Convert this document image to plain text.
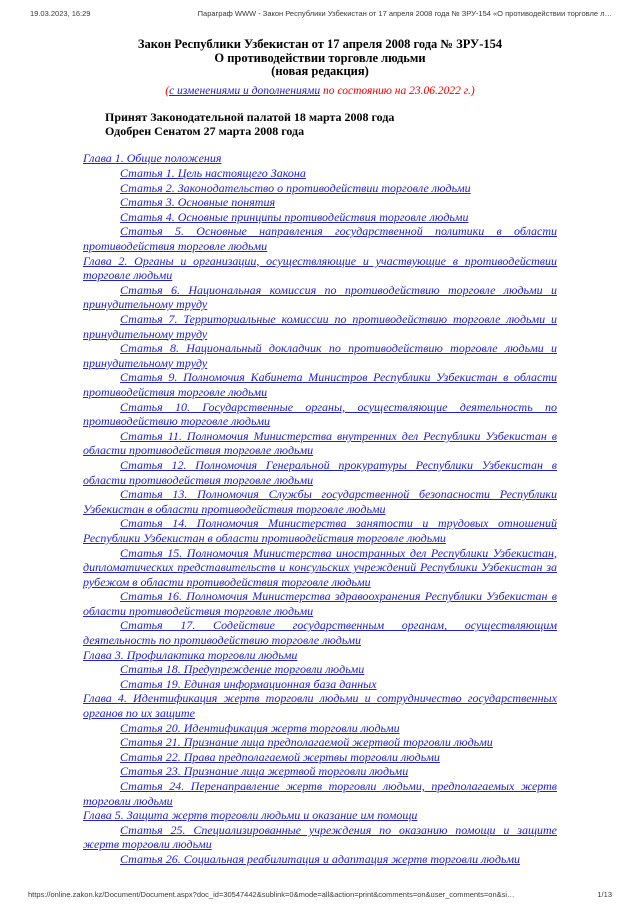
19.03.2023, 16:29	Параграф WWW - Закон Республики Узбекистан от 17 апреля 2008 года № ЗРУ-154 «О противодействии торговле л…

Закон Республики Узбекистан от 17 апреля 2008 года № ЗРУ-154

О противодействии торговле людьми

(новая редакция)

(с изменениями и дополнениями по состоянию на 23.06.2022 г.)

Принят Законодательной палатой 18 марта 2008 года

Одобрен Сенатом 27 марта 2008 года

Глава 1. Общие положения

Статья 1. Цель настоящего Закона

Статья 2. Законодательство о противодействии торговле людьми

Статья 3. Основные понятия

Статья 4. Основные принципы противодействия торговле людьми

Статья 5. Основные направления государственной политики в области противодействия торговле людьми

Глава 2. Органы и организации, осуществляющие и участвующие в противодействии торговле людьми

Статья 6. Национальная комиссия по противодействию торговле людьми и принудительному труду

Статья 7. Территориальные комиссии по противодействию торговле людьми и принудительному труду

Статья 8. Национальный докладчик по противодействию торговле людьми и принудительному труду

Статья 9. Полномочия Кабинета Министров Республики Узбекистан в области противодействия торговле людьми

Статья 10. Государственные органы, осуществляющие деятельность по противодействию торговле людьми

Статья 11. Полномочия Министерства внутренних дел Республики Узбекистан в области противодействия торговле людьми

Статья 12. Полномочия Генеральной прокуратуры Республики Узбекистан в области противодействия торговле людьми

Статья 13. Полномочия Службы государственной безопасности Республики Узбекистан в области противодействия торговле людьми

Статья 14. Полномочия Министерства занятости и трудовых отношений Республики Узбекистан в области противодействия торговле людьми

Статья 15. Полномочия Министерства иностранных дел Республики Узбекистан, дипломатических представительств и консульских учреждений Республики Узбекистан за рубежом в области противодействия торговле людьми

Статья 16. Полномочия Министерства здравоохранения Республики Узбекистан в области противодействия торговле людьми

Статья 17. Содействие государственным органам, осуществляющим деятельность по противодействию торговле людьми

Глава 3. Профилактика торговли людьми

Статья 18. Предупреждение торговли людьми

Статья 19. Единая информационная база данных

Глава 4. Идентификация жертв торговли людьми и сотрудничество государственных органов по их защите

Статья 20. Идентификация жертв торговли людьми

Статья 21. Признание лица предполагаемой жертвой торговли людьми

Статья 22. Права предполагаемой жертвы торговли людьми

Статья 23. Признание лица жертвой торговли людьми

Статья 24. Перенаправление жертв торговли людьми, предполагаемых жертв торговли людьми

Глава 5. Защита жертв торговли людьми и оказание им помощи

Статья 25. Специализированные учреждения по оказанию помощи и защите жертв торговли людьми

Статья 26. Социальная реабилитация и адаптация жертв торговли людьми

https://online.zakon.kz/Document/Document.aspx?doc_id=30547442&sublink=0&mode=all&action=print&comments=on&user_comments=on&si…	1/13
